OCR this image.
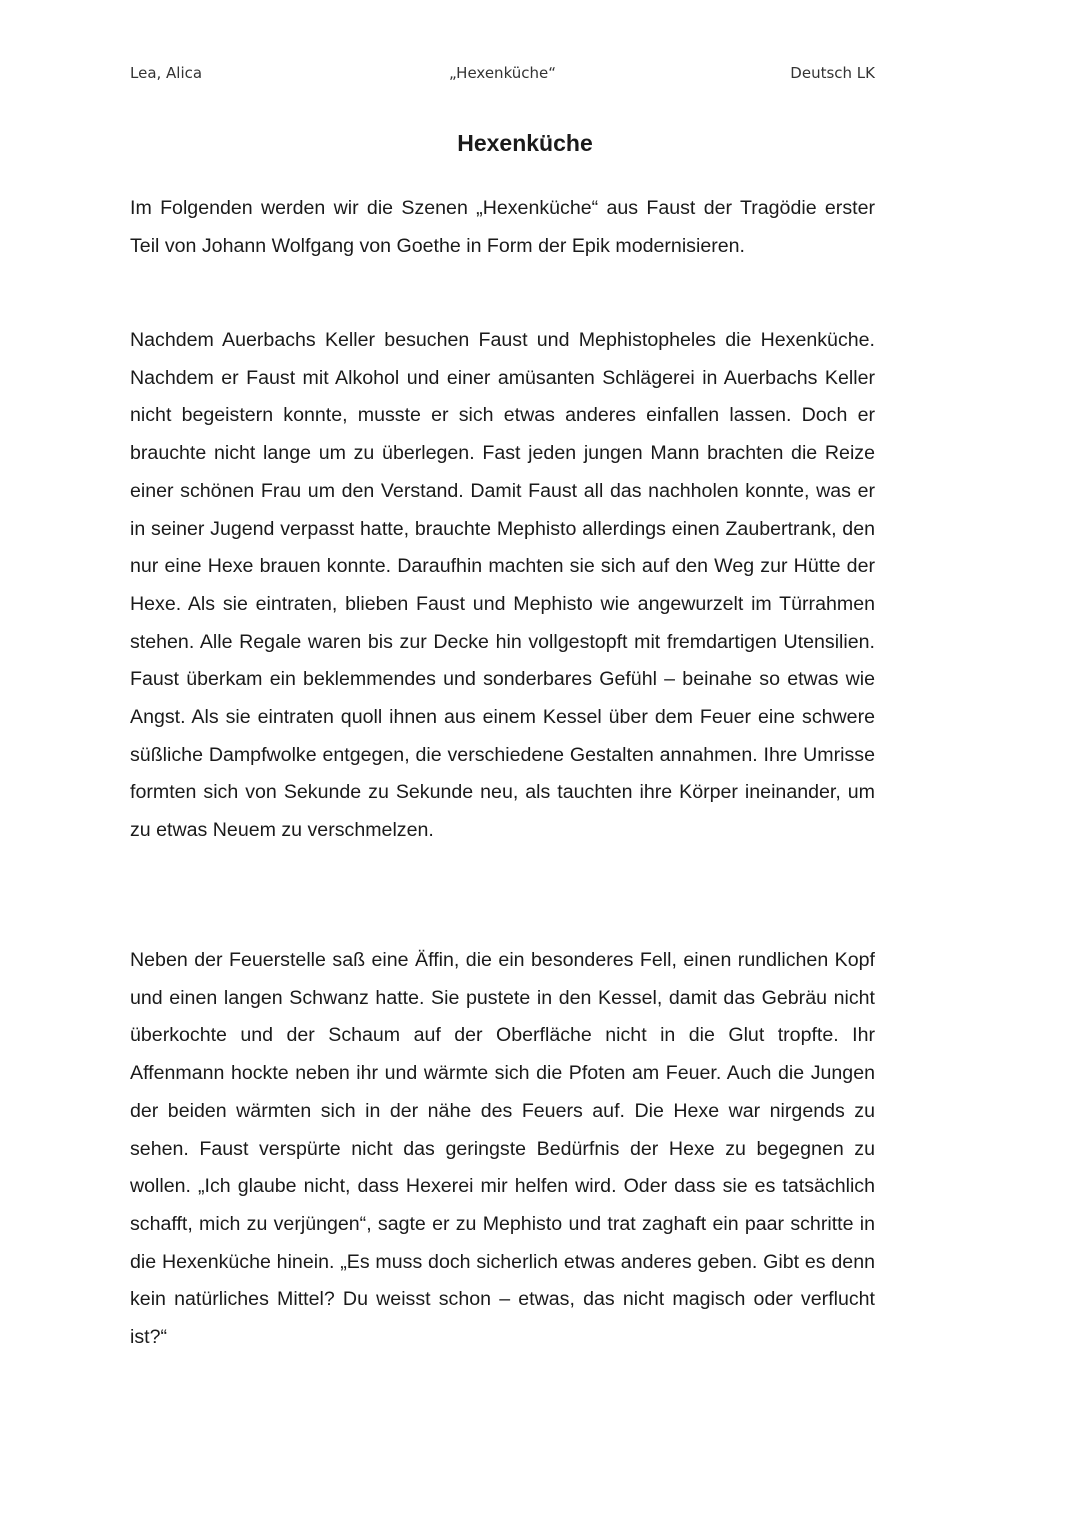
Lea, Alica	„Hexenküche“	Deutsch LK
Hexenküche

Im Folgenden werden wir die Szenen „Hexenküche“ aus Faust der Tragödie erster Teil von Johann Wolfgang von Goethe in Form der Epik modernisieren.

Nachdem Auerbachs Keller besuchen Faust und Mephistopheles die Hexenküche. Nachdem er Faust mit Alkohol und einer amüsanten Schlägerei in Auerbachs Keller nicht begeistern konnte, musste er sich etwas anderes einfallen lassen. Doch er brauchte nicht lange um zu überlegen. Fast jeden jungen Mann brachten die Reize einer schönen Frau um den Verstand. Damit Faust all das nachholen konnte, was er in seiner Jugend verpasst hatte, brauchte Mephisto allerdings einen Zaubertrank, den nur eine Hexe brauen konnte. Daraufhin machten sie sich auf den Weg zur Hütte der Hexe. Als sie eintraten, blieben Faust und Mephisto wie angewurzelt im Türrahmen stehen. Alle Regale waren bis zur Decke hin vollgestopft mit fremdartigen Utensilien. Faust überkam ein beklemmendes und sonderbares Gefühl – beinahe so etwas wie Angst. Als sie eintraten quoll ihnen aus einem Kessel über dem Feuer eine schwere süßliche Dampfwolke entgegen, die verschiedene Gestalten annahmen. Ihre Umrisse formten sich von Sekunde zu Sekunde neu, als tauchten ihre Körper ineinander, um zu etwas Neuem zu verschmelzen.

Neben der Feuerstelle saß eine Äffin, die ein besonderes Fell, einen rundlichen Kopf und einen langen Schwanz hatte. Sie pustete in den Kessel, damit das Gebräu nicht überkochte und der Schaum auf der Oberfläche nicht in die Glut tropfte. Ihr Affenmann hockte neben ihr und wärmte sich die Pfoten am Feuer. Auch die Jungen der beiden wärmten sich in der nähe des Feuers auf. Die Hexe war nirgends zu sehen. Faust verspürte nicht das geringste Bedürfnis der Hexe zu begegnen zu wollen. „Ich glaube nicht, dass Hexerei mir helfen wird. Oder dass sie es tatsächlich schafft, mich zu verjüngen“, sagte er zu Mephisto und trat zaghaft ein paar schritte in die Hexenküche hinein. „Es muss doch sicherlich etwas anderes geben. Gibt es denn kein natürliches Mittel? Du weisst schon – etwas, das nicht magisch oder verflucht ist?“
